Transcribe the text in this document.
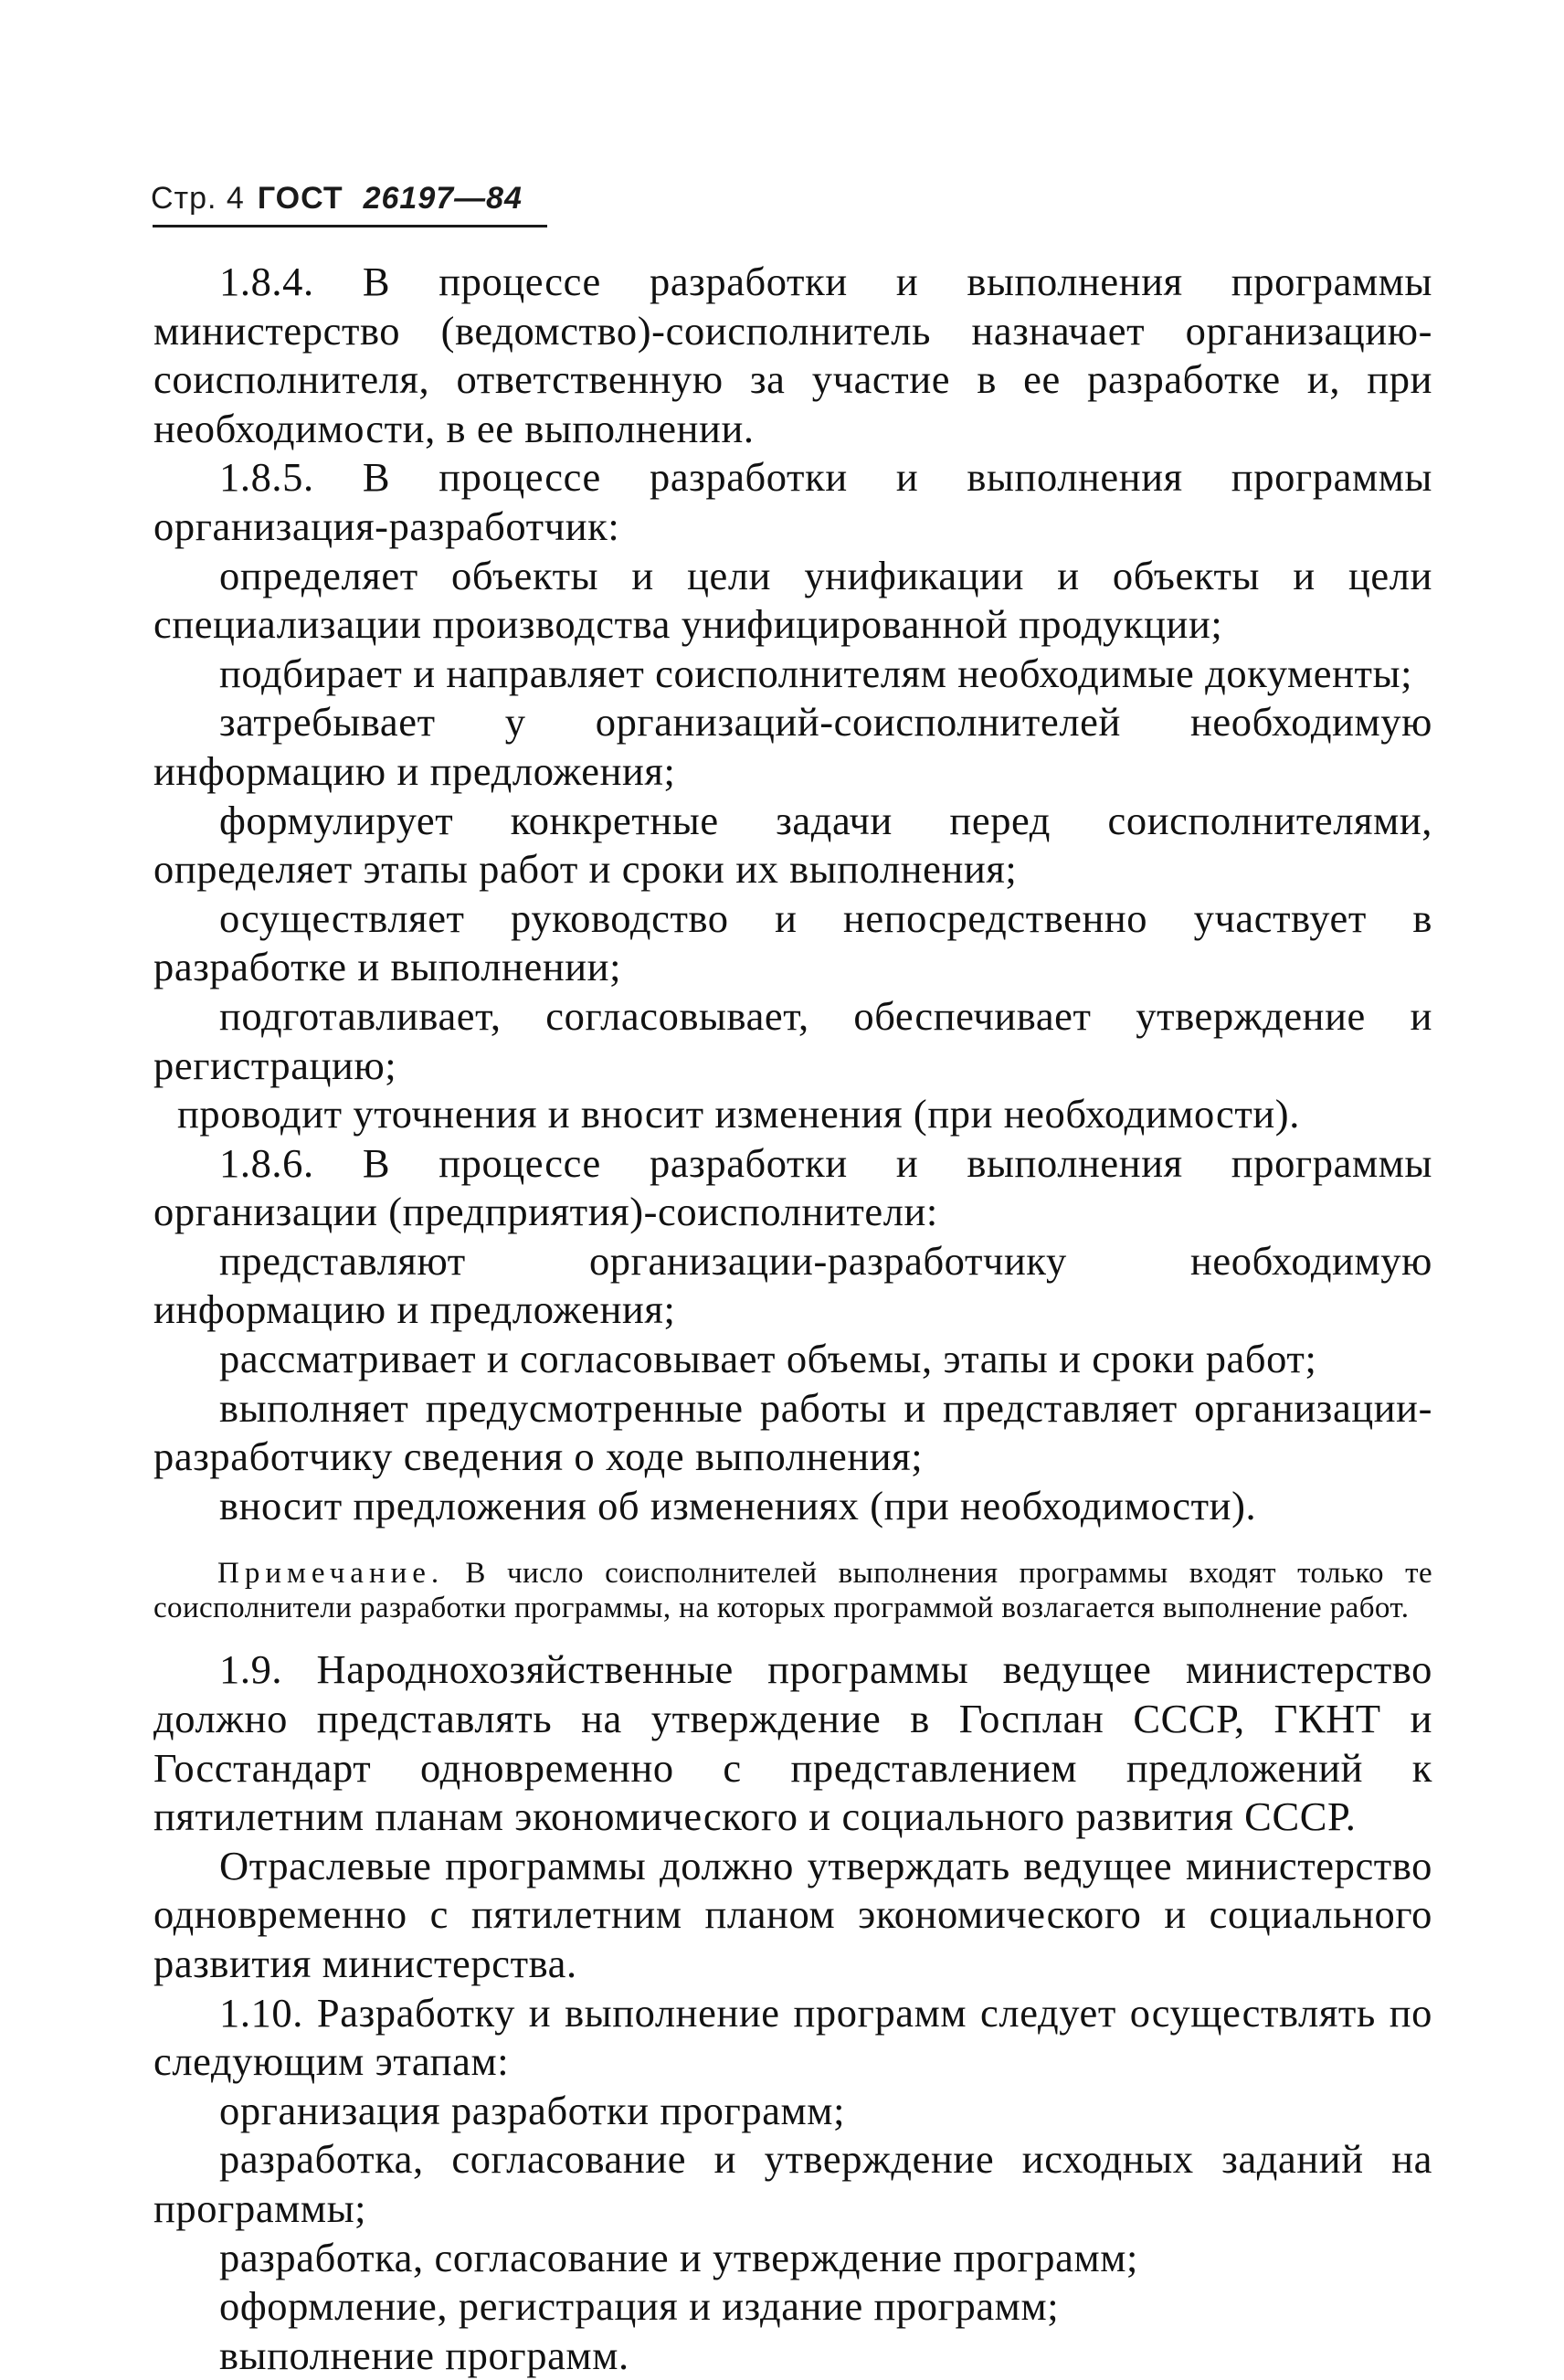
Стр. 4 ГОСТ 26197—84

1.8.4. В процессе разработки и выполнения программы министерство (ведомство)-соисполнитель назначает организацию-соисполнителя, ответственную за участие в ее разработке и, при необходимости, в ее выполнении.

1.8.5. В процессе разработки и выполнения программы организация-разработчик:

определяет объекты и цели унификации и объекты и цели специализации производства унифицированной продукции;

подбирает и направляет соисполнителям необходимые документы;

затребывает у организаций-соисполнителей необходимую информацию и предложения;

формулирует конкретные задачи перед соисполнителями, определяет этапы работ и сроки их выполнения;

осуществляет руководство и непосредственно участвует в разработке и выполнении;

подготавливает, согласовывает, обеспечивает утверждение и регистрацию;

проводит уточнения и вносит изменения (при необходимости).

1.8.6. В процессе разработки и выполнения программы организации (предприятия)-соисполнители:

представляют организации-разработчику необходимую информацию и предложения;

рассматривает и согласовывает объемы, этапы и сроки работ;

выполняет предусмотренные работы и представляет организации-разработчику сведения о ходе выполнения;

вносит предложения об изменениях (при необходимости).

Примечание. В число соисполнителей выполнения программы входят только те соисполнители разработки программы, на которых программой возлагается выполнение работ.

1.9. Народнохозяйственные программы ведущее министерство должно представлять на утверждение в Госплан СССР, ГКНТ и Госстандарт одновременно с представлением предложений к пятилетним планам экономического и социального развития СССР.

Отраслевые программы должно утверждать ведущее министерство одновременно с пятилетним планом экономического и социального развития министерства.

1.10. Разработку и выполнение программ следует осуществлять по следующим этапам:

организация разработки программ;

разработка, согласование и утверждение исходных заданий на программы;

разработка, согласование и утверждение программ;

оформление, регистрация и издание программ;

выполнение программ.
